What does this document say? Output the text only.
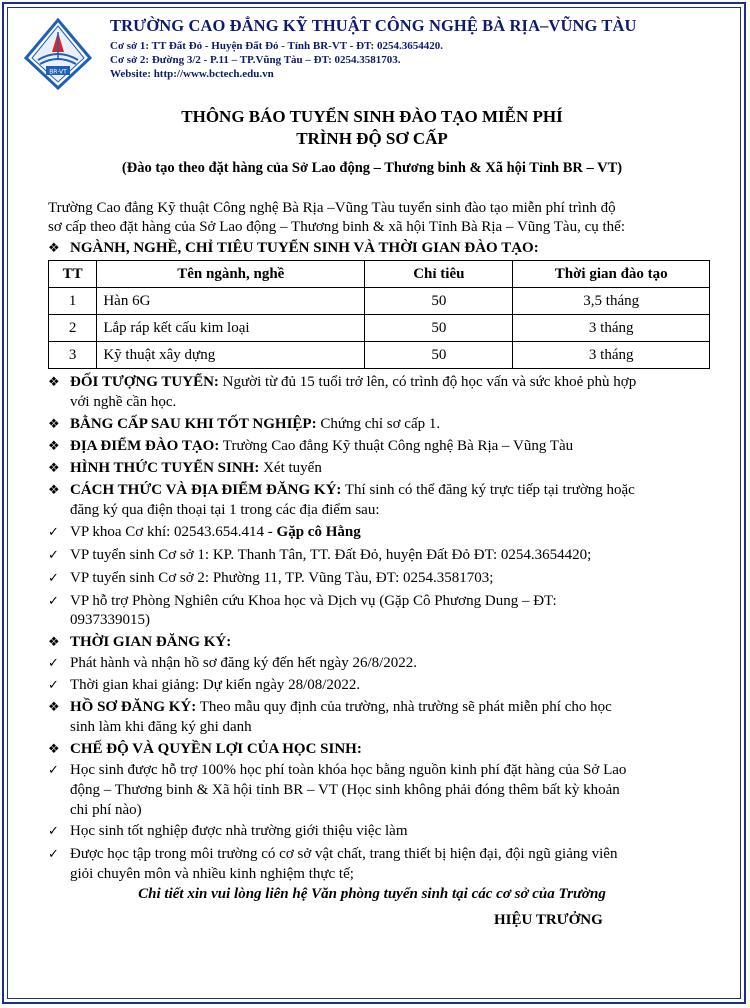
BR-VT
TRƯỜNG CAO ĐẲNG KỸ THUẬT CÔNG NGHỆ BÀ RỊA–VŨNG TÀU
Cơ sở 1: TT Đất Đỏ - Huyện Đất Đỏ - Tỉnh BR-VT - ĐT: 0254.3654420.
Cơ sở 2: Đường 3/2 - P.11 – TP.Vũng Tàu – ĐT: 0254.3581703.
Website: http://www.bctech.edu.vn
THÔNG BÁO TUYỂN SINH ĐÀO TẠO MIỄN PHÍ
TRÌNH ĐỘ SƠ CẤP
(Đào tạo theo đặt hàng của Sở Lao động – Thương binh & Xã hội Tỉnh BR – VT)
Trường Cao đẳng Kỹ thuật Công nghệ Bà Rịa –Vũng Tàu tuyển sinh đào tạo miễn phí trình độ
sơ cấp theo đặt hàng của Sở Lao động – Thương binh & xã hội Tỉnh Bà Rịa – Vũng Tàu, cụ thể:
❖ NGÀNH, NGHỀ, CHỈ TIÊU TUYỂN SINH VÀ THỜI GIAN ĐÀO TẠO:
TT	Tên ngành, nghề	Chỉ tiêu	Thời gian đào tạo
1	Hàn 6G	50	3,5 tháng
2	Lắp ráp kết cấu kim loại	50	3 tháng
3	Kỹ thuật xây dựng	50	3 tháng
❖ ĐỐI TƯỢNG TUYỂN: Người từ đủ 15 tuổi trở lên, có trình độ học vấn và sức khoẻ phù hợp
với nghề cần học.
❖ BẰNG CẤP SAU KHI TỐT NGHIỆP: Chứng chỉ sơ cấp 1.
❖ ĐỊA ĐIỂM ĐÀO TẠO: Trường Cao đẳng Kỹ thuật Công nghệ Bà Rịa – Vũng Tàu
❖ HÌNH THỨC TUYỂN SINH: Xét tuyển
❖ CÁCH THỨC VÀ ĐỊA ĐIỂM ĐĂNG KÝ: Thí sinh có thể đăng ký trực tiếp tại trường hoặc
đăng ký qua điện thoại tại 1 trong các địa điểm sau:
✓ VP khoa Cơ khí: 02543.654.414 - Gặp cô Hằng
✓ VP tuyển sinh Cơ sở 1: KP. Thanh Tân, TT. Đất Đỏ, huyện Đất Đỏ ĐT: 0254.3654420;
✓ VP tuyển sinh Cơ sở 2: Phường 11, TP. Vũng Tàu, ĐT: 0254.3581703;
✓ VP hỗ trợ Phòng Nghiên cứu Khoa học và Dịch vụ (Gặp Cô Phương Dung – ĐT:
0937339015)
❖ THỜI GIAN ĐĂNG KÝ:
✓ Phát hành và nhận hồ sơ đăng ký đến hết ngày 26/8/2022.
✓ Thời gian khai giảng: Dự kiến ngày 28/08/2022.
❖ HỒ SƠ ĐĂNG KÝ: Theo mẫu quy định của trường, nhà trường sẽ phát miễn phí cho học
sinh làm khi đăng ký ghi danh
❖ CHẾ ĐỘ VÀ QUYỀN LỢI CỦA HỌC SINH:
✓ Học sinh được hỗ trợ 100% học phí toàn khóa học bằng nguồn kinh phí đặt hàng của Sở Lao
động – Thương binh & Xã hội tỉnh BR – VT (Học sinh không phải đóng thêm bất kỳ khoản
chi phí nào)
✓ Học sinh tốt nghiệp được nhà trường giới thiệu việc làm
✓ Được học tập trong môi trường có cơ sở vật chất, trang thiết bị hiện đại, đội ngũ giảng viên
giỏi chuyên môn và nhiều kinh nghiệm thực tế;
Chi tiết xin vui lòng liên hệ Văn phòng tuyển sinh tại các cơ sở của Trường
HIỆU TRƯỞNG
